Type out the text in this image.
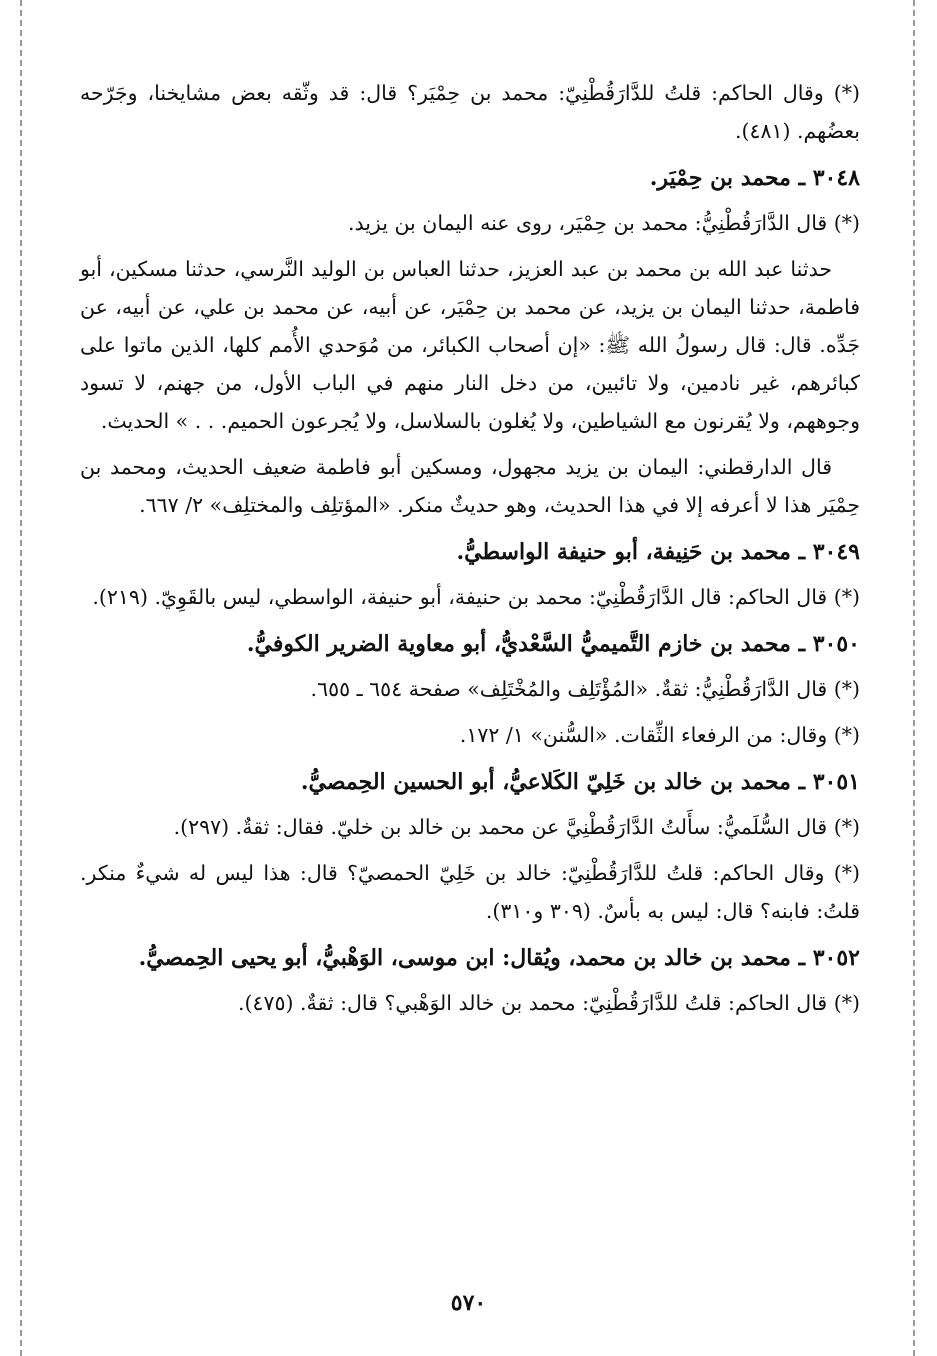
(*) وقال الحاكم: قلتُ للدَّارَقُطْنِيّ: محمد بن حِمْيَر؟ قال: قد وثّقه بعض مشايخنا، وجَرّحه بعضُهم. (٤٨١).

٣٠٤٨ ـ محمد بن حِمْيَر.

(*) قال الدَّارَقُطْنِيُّ: محمد بن حِمْيَر، روى عنه اليمان بن يزيد.

حدثنا عبد الله بن محمد بن عبد العزيز، حدثنا العباس بن الوليد النَّرسي، حدثنا مسكين، أبو فاطمة، حدثنا اليمان بن يزيد، عن محمد بن حِمْيَر، عن أبيه، عن محمد بن علي، عن أبيه، عن جَدِّه. قال: قال رسولُ الله ﷺ: «إن أصحاب الكبائر، من مُوَحدي الأُمم كلها، الذين ماتوا على كبائرهم، غير نادمين، ولا تائبين، من دخل النار منهم في الباب الأول، من جهنم، لا تسود وجوههم، ولا يُقرنون مع الشياطين، ولا يُغلون بالسلاسل، ولا يُجرعون الحميم. . . » الحديث.

قال الدارقطني: اليمان بن يزيد مجهول، ومسكين أبو فاطمة ضعيف الحديث، ومحمد بن حِمْيَر هذا لا أعرفه إلا في هذا الحديث، وهو حديثٌ منكر. «المؤتلِف والمختلِف» ٢/ ٦٦٧.

٣٠٤٩ ـ محمد بن حَنِيفة، أبو حنيفة الواسطيُّ.

(*) قال الحاكم: قال الدَّارَقُطْنِيّ: محمد بن حنيفة، أبو حنيفة، الواسطي، ليس بالقَوِيّ. (٢١٩).

٣٠٥٠ ـ محمد بن خازم التَّميميُّ السَّعْديُّ، أبو معاوية الضرير الكوفيُّ.

(*) قال الدَّارَقُطْنِيُّ: ثقةٌ. «المُؤْتَلِف والمُخْتَلِف» صفحة ٦٥٤ ـ ٦٥٥.

(*) وقال: من الرفعاء الثِّقات. «السُّنن» ١/ ١٧٢.

٣٠٥١ ـ محمد بن خالد بن خَلِيّ الكَلاعيُّ، أبو الحسين الحِمصيُّ.

(*) قال السُّلَميُّ: سأَلتُ الدَّارَقُطْنِيَّ عن محمد بن خالد بن خليّ. فقال: ثقةٌ. (٢٩٧).

(*) وقال الحاكم: قلتُ للدَّارَقُطْنِيّ: خالد بن خَلِيّ الحمصيّ؟ قال: هذا ليس له شيءٌ منكر. قلتُ: فابنه؟ قال: ليس به بأسٌ. (٣٠٩ و٣١٠).

٣٠٥٢ ـ محمد بن خالد بن محمد، ويُقال: ابن موسى، الوَهْبيُّ، أبو يحيى الحِمصيُّ.

(*) قال الحاكم: قلتُ للدَّارَقُطْنِيّ: محمد بن خالد الوَهْبي؟ قال: ثقةٌ. (٤٧٥).

٥٧٠
